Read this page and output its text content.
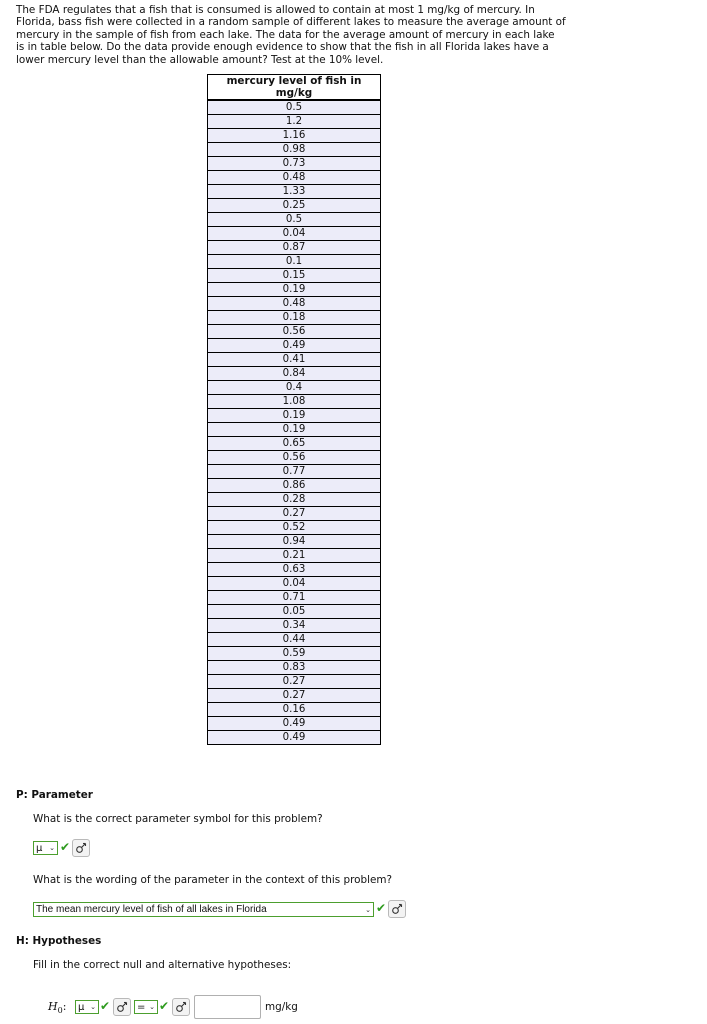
The FDA regulates that a fish that is consumed is allowed to contain at most 1 mg/kg of mercury. In Florida, bass fish were collected in a random sample of different lakes to measure the average amount of mercury in the sample of fish from each lake. The data for the average amount of mercury in each lake is in table below. Do the data provide enough evidence to show that the fish in all Florida lakes have a lower mercury level than the allowable amount? Test at the 10% level.

mercury level of fish in mg/kg
0.5
1.2
1.16
0.98
0.73
0.48
1.33
0.25
0.5
0.04
0.87
0.1
0.15
0.19
0.48
0.18
0.56
0.49
0.41
0.84
0.4
1.08
0.19
0.19
0.65
0.56
0.77
0.86
0.28
0.27
0.52
0.94
0.21
0.63
0.04
0.71
0.05
0.34
0.44
0.59
0.83
0.27
0.27
0.16
0.49
0.49

P: Parameter

What is the correct parameter symbol for this problem?

μ ⌄ ✔

What is the wording of the parameter in the context of this problem?

The mean mercury level of fish of all lakes in Florida	⌄ ✔

H: Hypotheses

Fill in the correct null and alternative hypotheses:

$H_0$: μ ⌄ ✔	= ⌄ ✔	mg/kg
